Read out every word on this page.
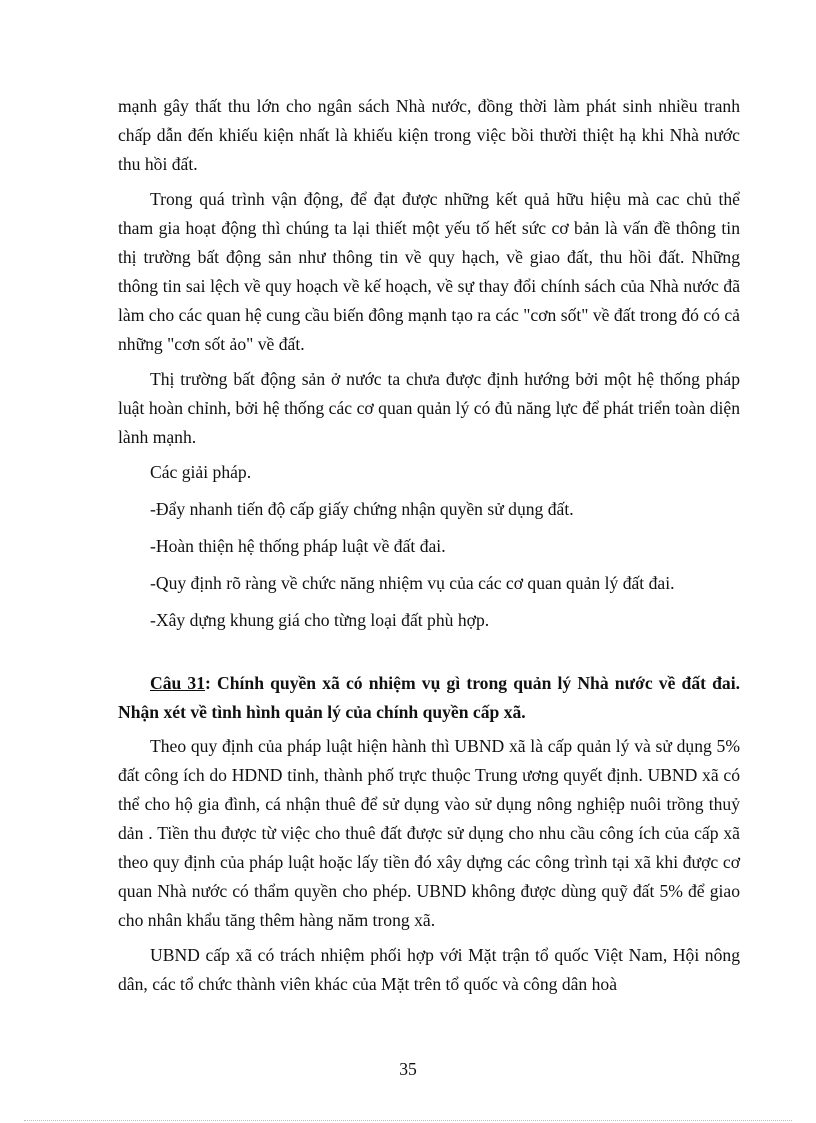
mạnh gây thất thu lớn cho ngân sách Nhà nước, đồng thời làm phát sinh nhiều tranh chấp dẫn đến khiếu kiện nhất là khiếu kiện trong việc bồi thười thiệt hạ khi Nhà nước thu hồi đất.

Trong quá trình vận động, để đạt được những kết quả hữu hiệu mà cac chủ thể tham gia hoạt động thì chúng ta lại thiết một yếu tố hết sức cơ bản là vấn đề thông tin thị trường bất động sản như thông tin về quy hạch, về giao đất, thu hồi đất. Những thông tin sai lệch về quy hoạch về kế hoạch, về sự thay đổi chính sách của Nhà nước đã làm cho các quan hệ cung cầu biến đông mạnh tạo ra các "cơn sốt" về đất trong đó có cả những "cơn sốt ảo" về đất.

Thị trường bất động sản ở nước ta chưa được định hướng bởi một hệ thống pháp luật hoàn chỉnh, bởi hệ thống các cơ quan quản lý có đủ năng lực để phát triển toàn diện lành mạnh.

Các giải pháp.

-Đẩy nhanh tiến độ cấp giấy chứng nhận quyền sử dụng đất.

-Hoàn thiện hệ thống pháp luật về đất đai.

-Quy định rõ ràng về chức năng nhiệm vụ của các cơ quan quản lý đất đai.

-Xây dựng khung giá cho từng loại đất phù hợp.

Câu 31: Chính quyền xã có nhiệm vụ gì trong quản lý Nhà nước về đất đai. Nhận xét về tình hình quản lý của chính quyền cấp xã.

Theo quy định của pháp luật hiện hành thì UBND xã là cấp quản lý và sử dụng 5% đất công ích do HDND tỉnh, thành phố trực thuộc Trung ương quyết định. UBND xã có thể cho hộ gia đình, cá nhận thuê để sử dụng vào sử dụng nông nghiệp nuôi trồng thuỷ dản . Tiền thu được từ việc cho thuê đất được sử dụng cho nhu cầu công ích của cấp xã theo quy định của pháp luật hoặc lấy tiền đó xây dựng các công trình tại xã khi được cơ quan Nhà nước có thẩm quyền cho phép. UBND không được dùng quỹ đất 5% để giao cho nhân khẩu tăng thêm hàng năm trong xã.

UBND cấp xã có trách nhiệm phối hợp với Mặt trận tổ quốc Việt Nam, Hội nông dân, các tổ chức thành viên khác của Mặt trên tổ quốc và công dân hoà

35
